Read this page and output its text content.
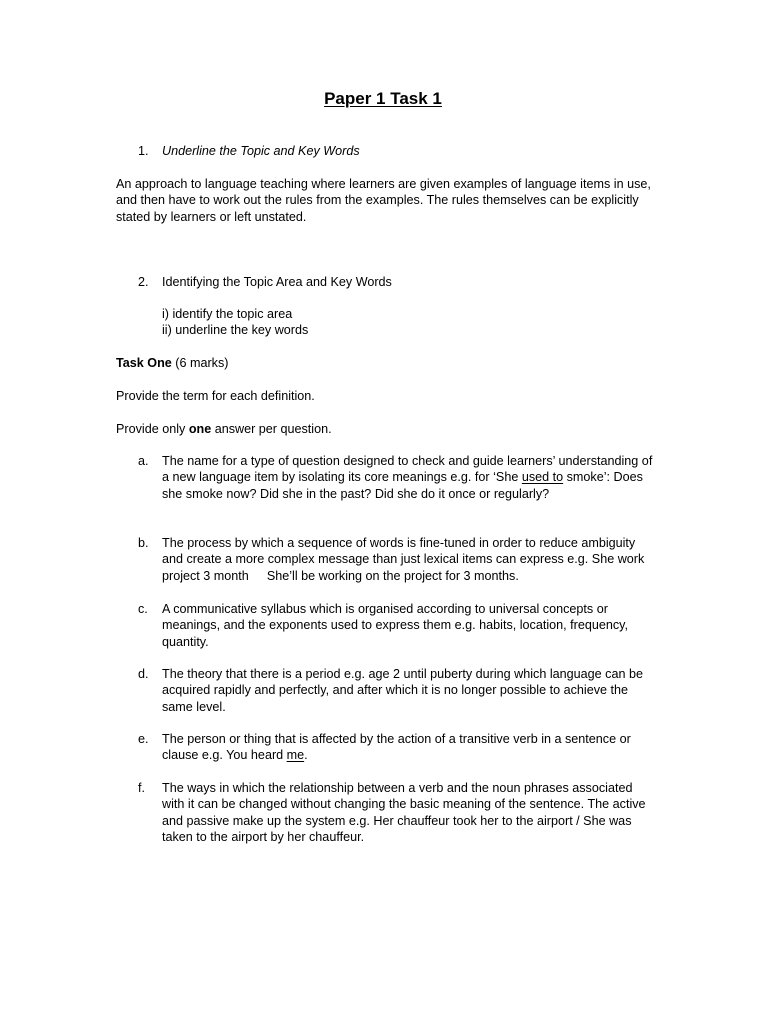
Paper 1 Task 1
1. Underline the Topic and Key Words
An approach to language teaching where learners are given examples of language items in use, and then have to work out the rules from the examples. The rules themselves can be explicitly stated by learners or left unstated.
2. Identifying the Topic Area and Key Words
i) identify the topic area
ii) underline the key words
Task One (6 marks)
Provide the term for each definition.
Provide only one answer per question.
a. The name for a type of question designed to check and guide learners’ understanding of a new language item by isolating its core meanings e.g. for ‘She used to smoke’: Does she smoke now? Did she in the past? Did she do it once or regularly?
b. The process by which a sequence of words is fine-tuned in order to reduce ambiguity and create a more complex message than just lexical items can express e.g. She work project 3 month She’ll be working on the project for 3 months.
c. A communicative syllabus which is organised according to universal concepts or meanings, and the exponents used to express them e.g. habits, location, frequency, quantity.
d. The theory that there is a period e.g. age 2 until puberty during which language can be acquired rapidly and perfectly, and after which it is no longer possible to achieve the same level.
e. The person or thing that is affected by the action of a transitive verb in a sentence or clause e.g. You heard me.
f. The ways in which the relationship between a verb and the noun phrases associated with it can be changed without changing the basic meaning of the sentence. The active and passive make up the system e.g. Her chauffeur took her to the airport / She was taken to the airport by her chauffeur.
